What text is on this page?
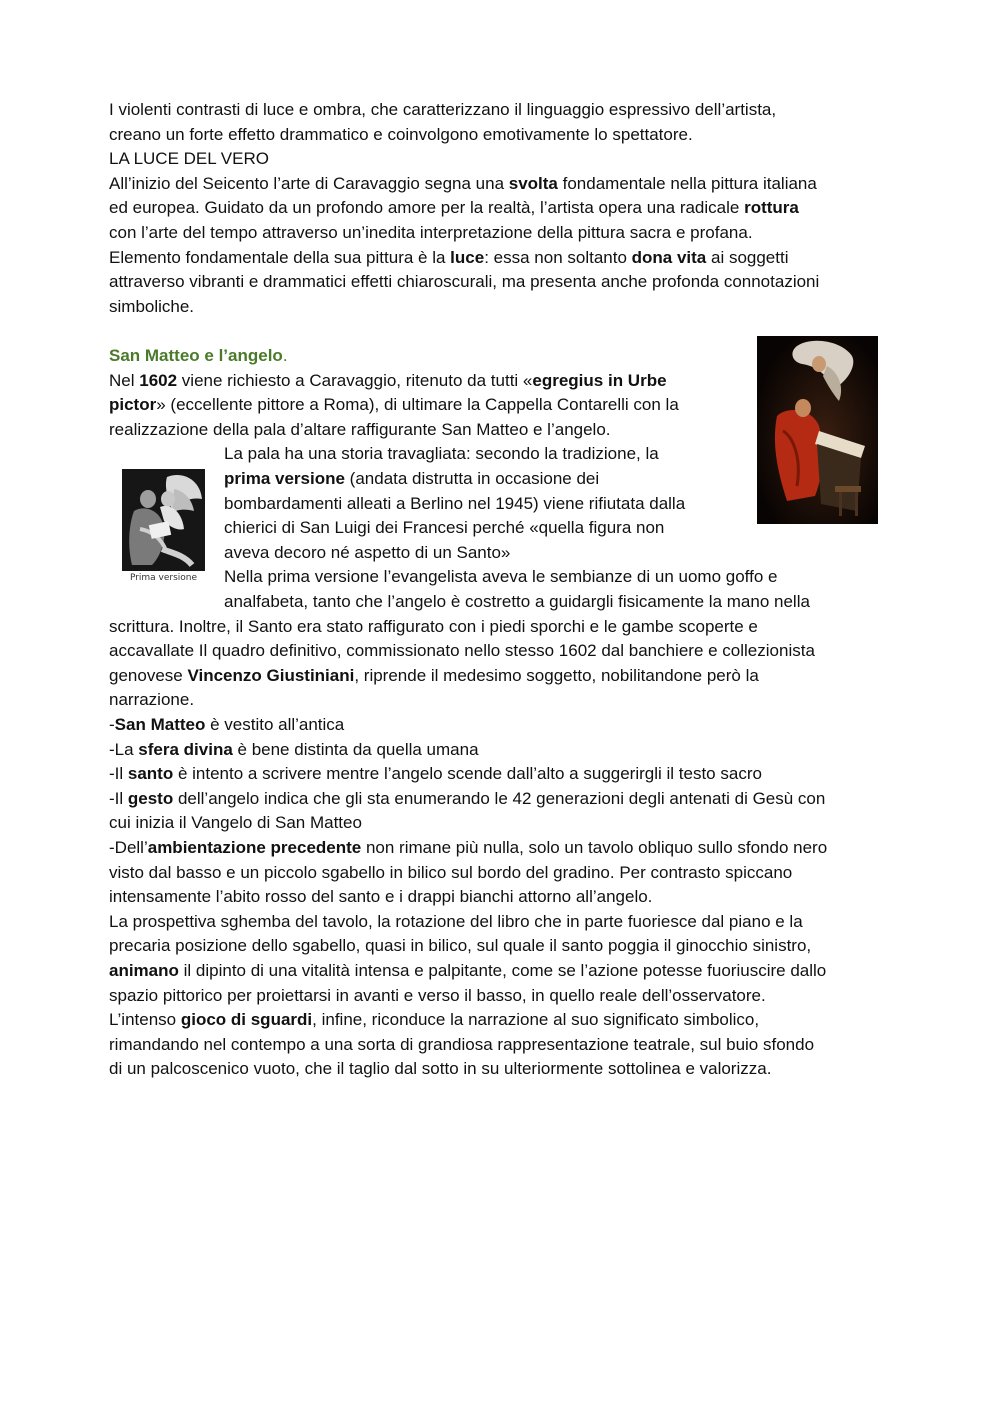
I violenti contrasti di luce e ombra, che caratterizzano il linguaggio espressivo dell’artista,
creano un forte effetto drammatico e coinvolgono emotivamente lo spettatore.
LA LUCE DEL VERO
All’inizio del Seicento l’arte di Caravaggio segna una svolta fondamentale nella pittura italiana
ed europea. Guidato da un profondo amore per la realtà, l’artista opera una radicale rottura
con l’arte del tempo attraverso un’inedita interpretazione della pittura sacra e profana.
Elemento fondamentale della sua pittura è la luce: essa non soltanto dona vita ai soggetti
attraverso vibranti e drammatici effetti chiaroscurali, ma presenta anche profonda connotazioni
simboliche.
San Matteo e l’angelo.
Nel 1602 viene richiesto a Caravaggio, ritenuto da tutti «egregius in Urbe
pictor» (eccellente pittore a Roma), di ultimare la Cappella Contarelli con la
realizzazione della pala d’altare raffigurante San Matteo e l’angelo.
La pala ha una storia travagliata: secondo la tradizione, la
prima versione (andata distrutta in occasione dei
bombardamenti alleati a Berlino nel 1945) viene rifiutata dalla
chierici di San Luigi dei Francesi perché «quella figura non
aveva decoro né aspetto di un Santo»
Nella prima versione l’evangelista aveva le sembianze di un uomo goffo e
analfabeta, tanto che l’angelo è costretto a guidargli fisicamente la mano nella
scrittura. Inoltre, il Santo era stato raffigurato con i piedi sporchi e le gambe scoperte e
accavallate Il quadro definitivo, commissionato nello stesso 1602 dal banchiere e collezionista
genovese Vincenzo Giustiniani, riprende il medesimo soggetto, nobilitandone però la
narrazione.
-San Matteo è vestito all’antica
-La sfera divina è bene distinta da quella umana
-Il santo è intento a scrivere mentre l’angelo scende dall’alto a suggerirgli il testo sacro
-Il gesto dell’angelo indica che gli sta enumerando le 42 generazioni degli antenati di Gesù con
cui inizia il Vangelo di San Matteo
-Dell’ambientazione precedente non rimane più nulla, solo un tavolo obliquo sullo sfondo nero
visto dal basso e un piccolo sgabello in bilico sul bordo del gradino. Per contrasto spiccano
intensamente l’abito rosso del santo e i drappi bianchi attorno all’angelo.
La prospettiva sghemba del tavolo, la rotazione del libro che in parte fuoriesce dal piano e la
precaria posizione dello sgabello, quasi in bilico, sul quale il santo poggia il ginocchio sinistro,
animano il dipinto di una vitalità intensa e palpitante, come se l’azione potesse fuoriuscire dallo
spazio pittorico per proiettarsi in avanti e verso il basso, in quello reale dell’osservatore.
L’intenso gioco di sguardi, infine, riconduce la narrazione al suo significato simbolico,
rimandando nel contempo a una sorta di grandiosa rappresentazione teatrale, sul buio sfondo
di un palcoscenico vuoto, che il taglio dal sotto in su ulteriormente sottolinea e valorizza.
Prima versione
